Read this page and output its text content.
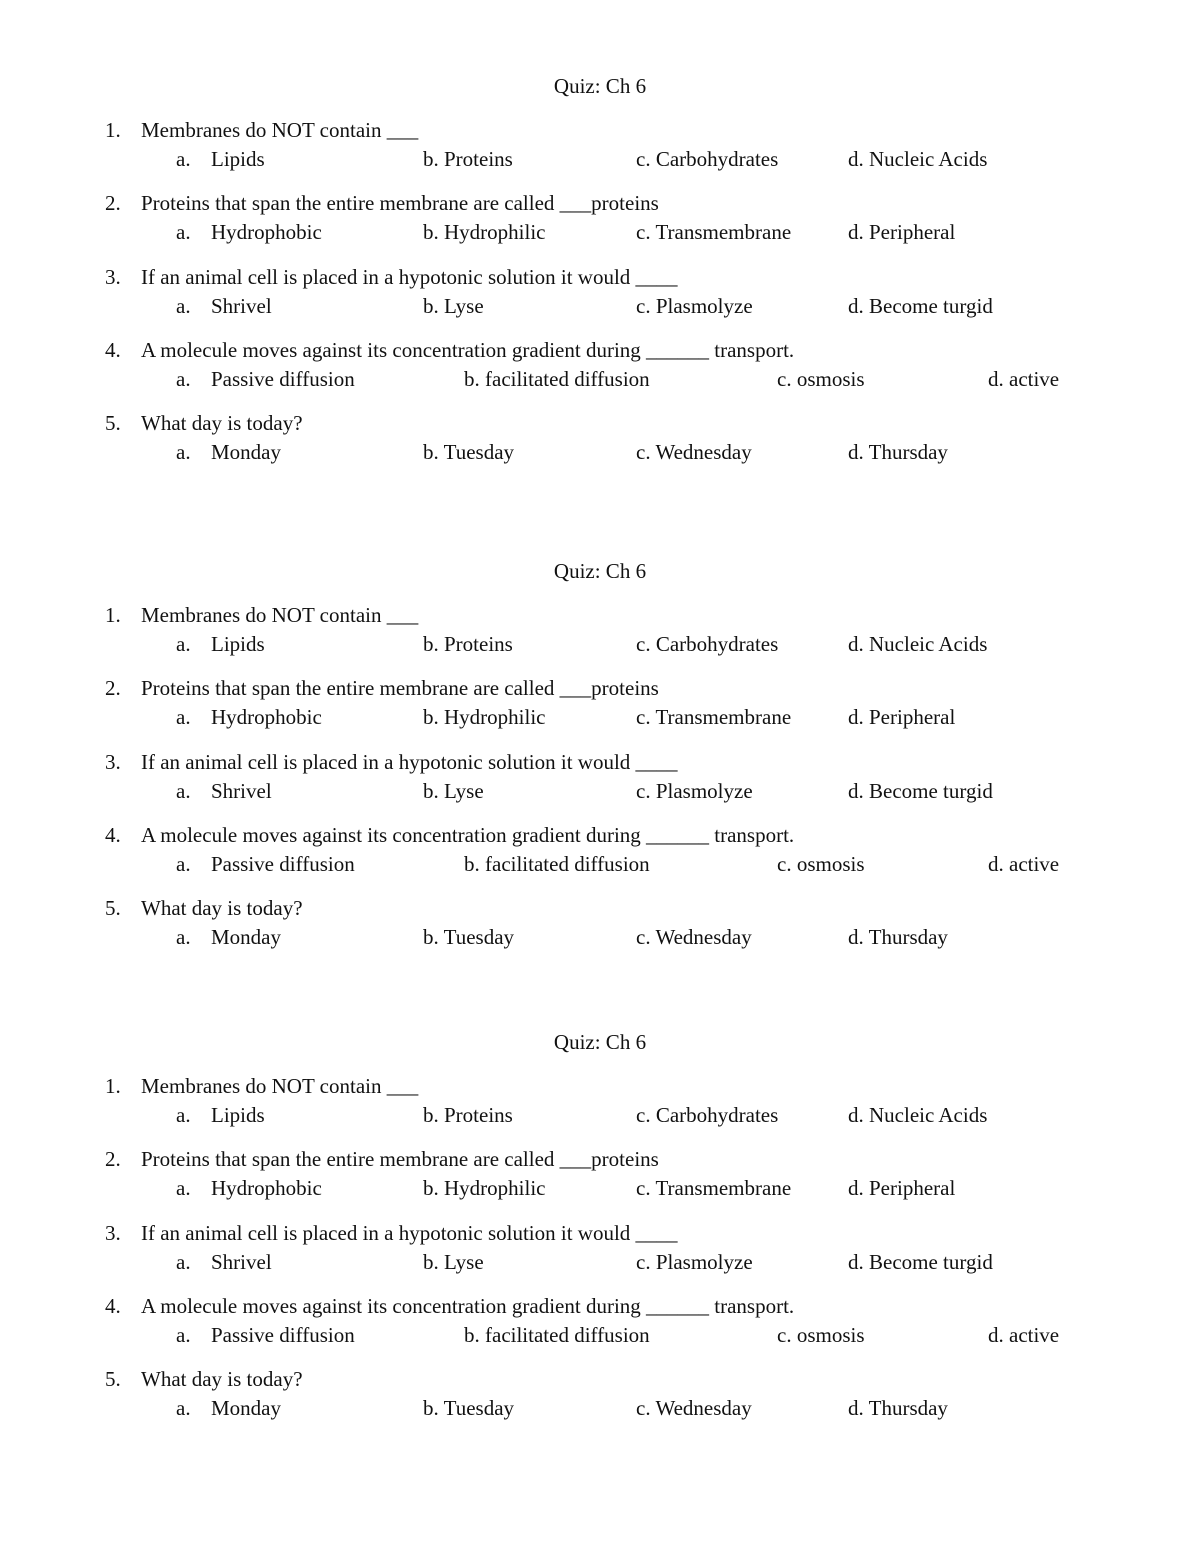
Quiz: Ch 6
1. Membranes do NOT contain ___
a. Lipids	b. Proteins	c. Carbohydrates	d. Nucleic Acids
2. Proteins that span the entire membrane are called ___proteins
a. Hydrophobic	b. Hydrophilic	c. Transmembrane	d. Peripheral
3. If an animal cell is placed in a hypotonic solution it would ____
a. Shrivel	b. Lyse	c. Plasmolyze	d. Become turgid
4. A molecule moves against its concentration gradient during ______ transport.
a. Passive diffusion	b. facilitated diffusion	c. osmosis	d. active
5. What day is today?
a. Monday	b. Tuesday	c. Wednesday	d. Thursday
Quiz: Ch 6
1. Membranes do NOT contain ___
a. Lipids	b. Proteins	c. Carbohydrates	d. Nucleic Acids
2. Proteins that span the entire membrane are called ___proteins
a. Hydrophobic	b. Hydrophilic	c. Transmembrane	d. Peripheral
3. If an animal cell is placed in a hypotonic solution it would ____
a. Shrivel	b. Lyse	c. Plasmolyze	d. Become turgid
4. A molecule moves against its concentration gradient during ______ transport.
a. Passive diffusion	b. facilitated diffusion	c. osmosis	d. active
5. What day is today?
a. Monday	b. Tuesday	c. Wednesday	d. Thursday
Quiz: Ch 6
1. Membranes do NOT contain ___
a. Lipids	b. Proteins	c. Carbohydrates	d. Nucleic Acids
2. Proteins that span the entire membrane are called ___proteins
a. Hydrophobic	b. Hydrophilic	c. Transmembrane	d. Peripheral
3. If an animal cell is placed in a hypotonic solution it would ____
a. Shrivel	b. Lyse	c. Plasmolyze	d. Become turgid
4. A molecule moves against its concentration gradient during ______ transport.
a. Passive diffusion	b. facilitated diffusion	c. osmosis	d. active
5. What day is today?
a. Monday	b. Tuesday	c. Wednesday	d. Thursday
